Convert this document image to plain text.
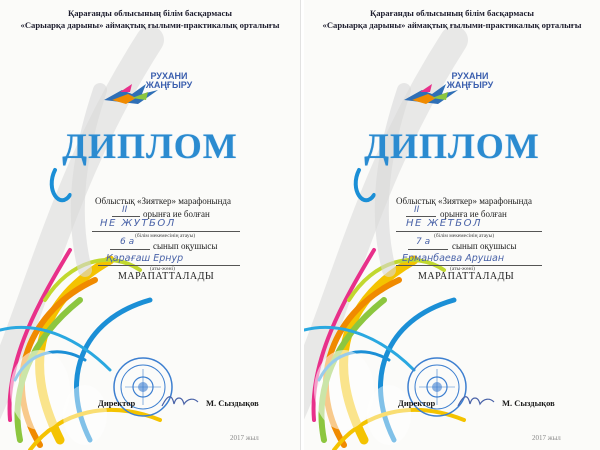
Қарағанды облысының білім басқармасы
«Сарыарқа дарыны» аймақтық ғылыми-практикалық орталығы
РУХАНИ
ЖАҢҒЫРУ
ДИПЛОМ
Облыстық «Зияткер» марафонында
II орынға ие болған
НЕ ЖУТБОЛ
(білім мекемесінің атауы)
6 а сынып оқушысы
Қарағаш Ернур
(аты-жөні)
МАРАПАТТАЛАДЫ
Директор	М. Сыздықов
2017 жыл
Қарағанды облысының білім басқармасы
«Сарыарқа дарыны» аймақтық ғылыми-практикалық орталығы
РУХАНИ
ЖАҢҒЫРУ
ДИПЛОМ
Облыстық «Зияткер» марафонында
II орынға ие болған
НЕ ЖЕТБОЛ
(білім мекемесінің атауы)
7 а сынып оқушысы
Ерманбаева Арушан
(аты-жөні)
МАРАПАТТАЛАДЫ
Директор	М. Сыздықов
2017 жыл
